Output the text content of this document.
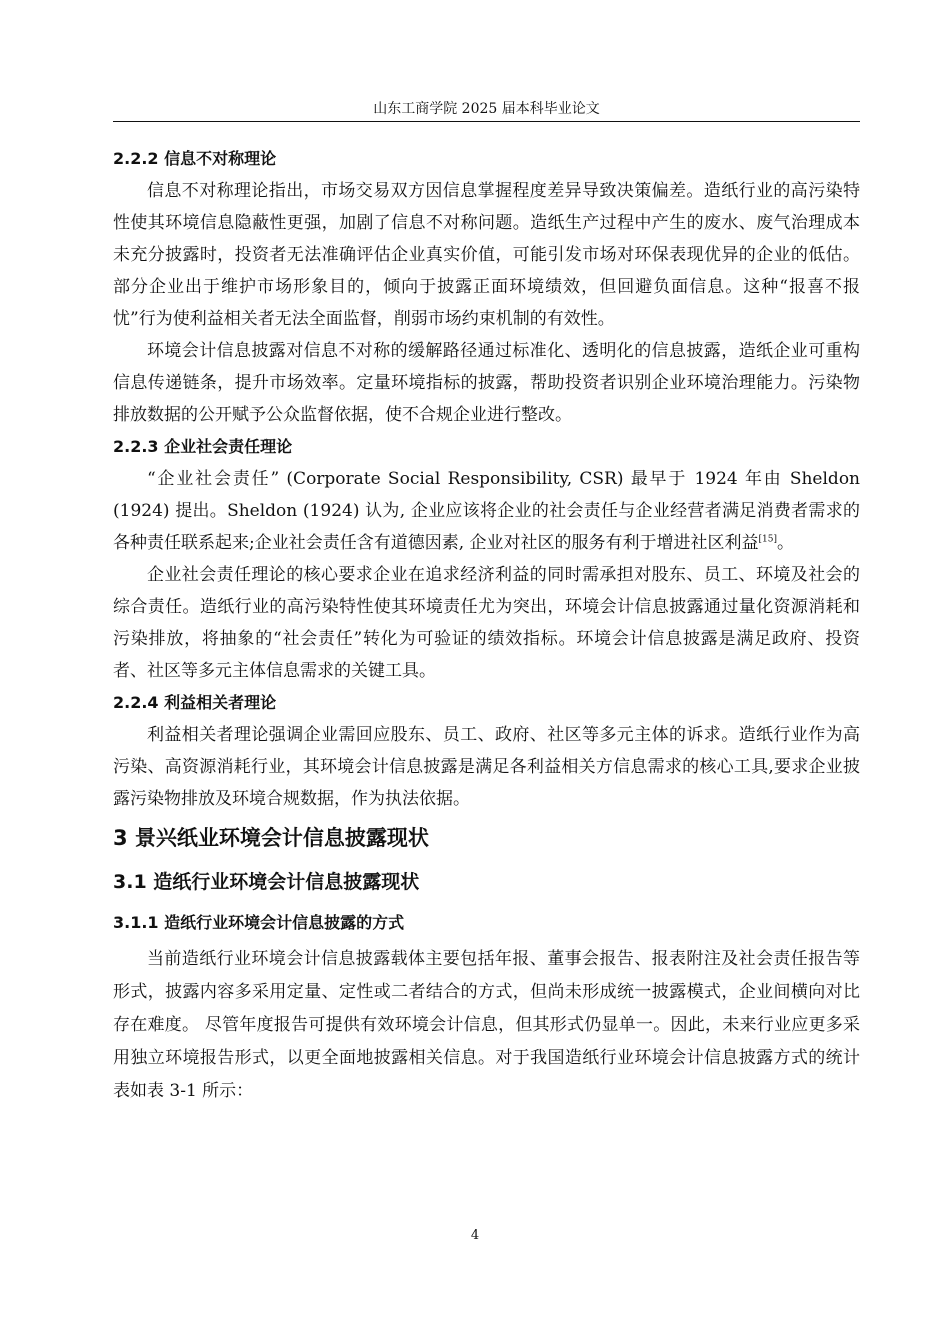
山东工商学院 2025 届本科毕业论文
2.2.2 信息不对称理论

信息不对称理论指出，市场交易双方因信息掌握程度差异导致决策偏差。造纸行业的高污染特性使其环境信息隐蔽性更强，加剧了信息不对称问题。造纸生产过程中产生的废水、废气治理成本未充分披露时，投资者无法准确评估企业真实价值，可能引发市场对环保表现优异的企业的低估。部分企业出于维护市场形象目的，倾向于披露正面环境绩效，但回避负面信息。这种“报喜不报忧”行为使利益相关者无法全面监督，削弱市场约束机制的有效性。

环境会计信息披露对信息不对称的缓解路径通过标准化、透明化的信息披露，造纸企业可重构信息传递链条，提升市场效率。定量环境指标的披露，帮助投资者识别企业环境治理能力。污染物排放数据的公开赋予公众监督依据，使不合规企业进行整改。

2.2.3 企业社会责任理论

“企业社会责任” (Corporate Social Responsibility, CSR) 最早于 1924 年由 Sheldon (1924) 提出。Sheldon (1924) 认为, 企业应该将企业的社会责任与企业经营者满足消费者需求的各种责任联系起来;企业社会责任含有道德因素, 企业对社区的服务有利于增进社区利益[15]。

企业社会责任理论的核心要求企业在追求经济利益的同时需承担对股东、员工、环境及社会的综合责任。造纸行业的高污染特性使其环境责任尤为突出，环境会计信息披露通过量化资源消耗和污染排放，将抽象的“社会责任”转化为可验证的绩效指标。环境会计信息披露是满足政府、投资者、社区等多元主体信息需求的关键工具。

2.2.4 利益相关者理论

利益相关者理论强调企业需回应股东、员工、政府、社区等多元主体的诉求。造纸行业作为高污染、高资源消耗行业，其环境会计信息披露是满足各利益相关方信息需求的核心工具,要求企业披露污染物排放及环境合规数据，作为执法依据。

3 景兴纸业环境会计信息披露现状
3.1 造纸行业环境会计信息披露现状
3.1.1 造纸行业环境会计信息披露的方式

当前造纸行业环境会计信息披露载体主要包括年报、董事会报告、报表附注及社会责任报告等形式，披露内容多采用定量、定性或二者结合的方式，但尚未形成统一披露模式，企业间横向对比存在难度。 尽管年度报告可提供有效环境会计信息，但其形式仍显单一。因此，未来行业应更多采用独立环境报告形式，以更全面地披露相关信息。对于我国造纸行业环境会计信息披露方式的统计表如表 3-1 所示：

4
